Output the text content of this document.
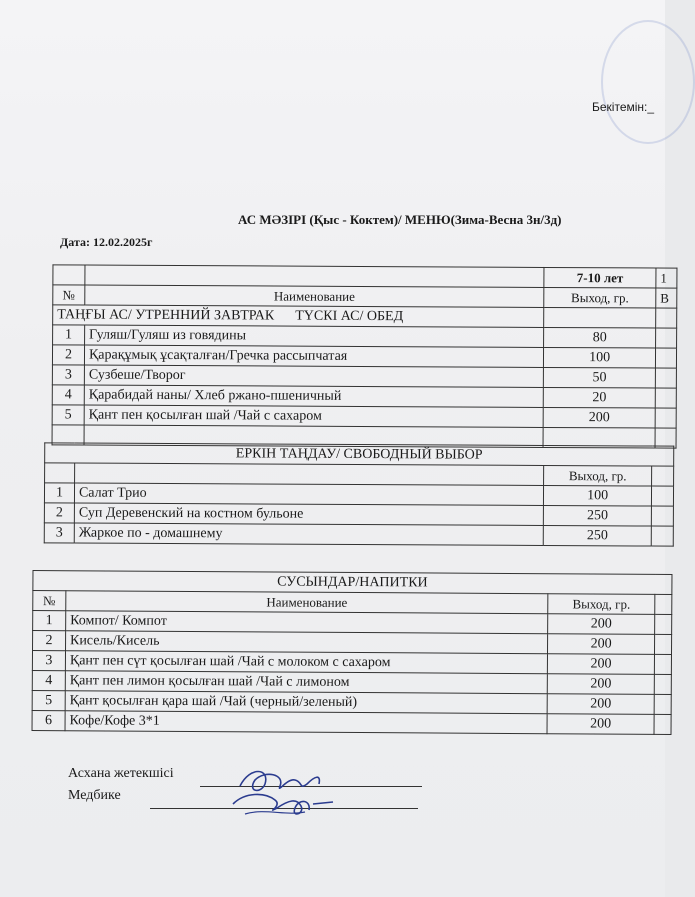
Бекітемін:_
АС МӘЗІРІ (Қыс - Коктем)/ МЕНЮ(Зима-Весна 3н/3д)
Дата: 12.02.2025г
		7-10 лет	1
№	Наименование	Выход, гр.	В
ТАҢҒЫ АС/ УТРЕННИЙ ЗАВТРАК      ТҮСКІ АС/ ОБЕД			
1	Гуляш/Гуляш из говядины	80	
2	Қарақұмық ұсақталған/Гречка рассыпчатая	100	
3	Сузбеше/Творог	50	
4	Қарабидай наны/ Хлеб ржано-пшеничный	20	
5	Қант пен қосылған шай /Чай с сахаром	200	

ЕРКІН ТАҢДАУ/ СВОБОДНЫЙ ВЫБОР			
		Выход, гр.	
1	Салат Трио	100	
2	Суп Деревенский на костном бульоне	250	
3	Жаркое по - домашнему	250	
СУСЫНДАР/НАПИТКИ			
№	Наименование	Выход, гр.	
1	Компот/ Компот	200	
2	Кисель/Кисель	200	
3	Қант пен сүт қосылған шай /Чай с молоком с сахаром	200	
4	Қант пен лимон қосылған шай /Чай с лимоном	200	
5	Қант қосылған қара шай /Чай (черный/зеленый)	200	
6	Кофе/Кофе 3*1	200	
Асхана жетекшісі
Медбике
